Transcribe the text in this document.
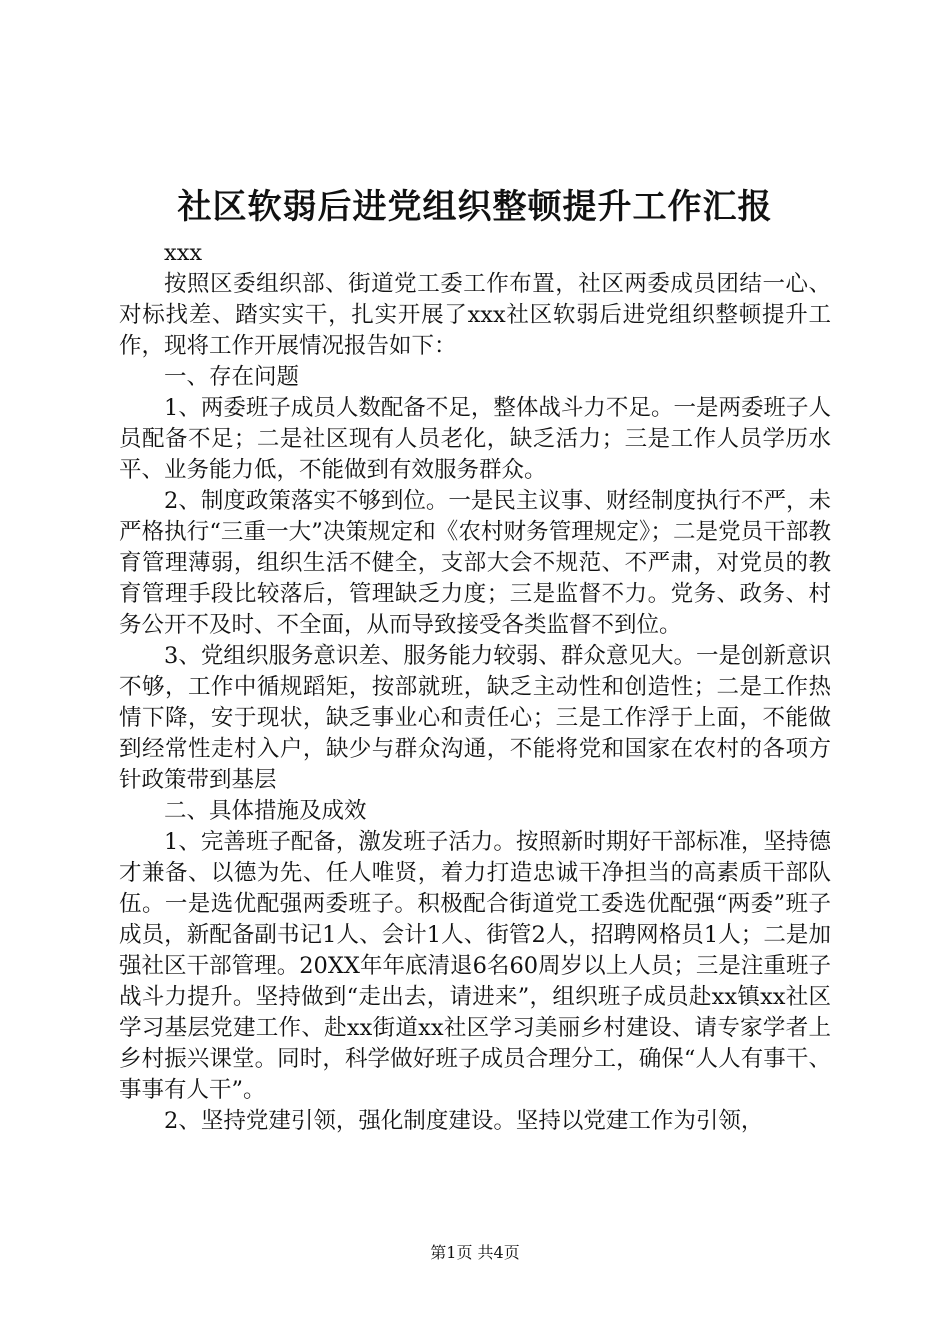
社区软弱后进党组织整顿提升工作汇报

xxx

按照区委组织部、街道党工委工作布置，社区两委成员团结一心、对标找差、踏实实干，扎实开展了xxx社区软弱后进党组织整顿提升工作，现将工作开展情况报告如下：

一、存在问题

1、两委班子成员人数配备不足，整体战斗力不足。一是两委班子人员配备不足；二是社区现有人员老化，缺乏活力；三是工作人员学历水平、业务能力低，不能做到有效服务群众。

2、制度政策落实不够到位。一是民主议事、财经制度执行不严，未严格执行“三重一大”决策规定和《农村财务管理规定》；二是党员干部教育管理薄弱，组织生活不健全，支部大会不规范、不严肃，对党员的教育管理手段比较落后，管理缺乏力度；三是监督不力。党务、政务、村务公开不及时、不全面，从而导致接受各类监督不到位。

3、党组织服务意识差、服务能力较弱、群众意见大。一是创新意识不够，工作中循规蹈矩，按部就班，缺乏主动性和创造性；二是工作热情下降，安于现状，缺乏事业心和责任心；三是工作浮于上面，不能做到经常性走村入户，缺少与群众沟通，不能将党和国家在农村的各项方针政策带到基层

二、具体措施及成效

1、完善班子配备，激发班子活力。按照新时期好干部标准，坚持德才兼备、以德为先、任人唯贤，着力打造忠诚干净担当的高素质干部队伍。一是选优配强两委班子。积极配合街道党工委选优配强“两委”班子成员，新配备副书记1人、会计1人、街管2人，招聘网格员1人；二是加强社区干部管理。20XX年年底清退6名60周岁以上人员；三是注重班子战斗力提升。坚持做到“走出去，请进来”，组织班子成员赴xx镇xx社区学习基层党建工作、赴xx街道xx社区学习美丽乡村建设、请专家学者上乡村振兴课堂。同时，科学做好班子成员合理分工，确保“人人有事干、事事有人干”。

2、坚持党建引领，强化制度建设。坚持以党建工作为引领，

第1页 共4页
